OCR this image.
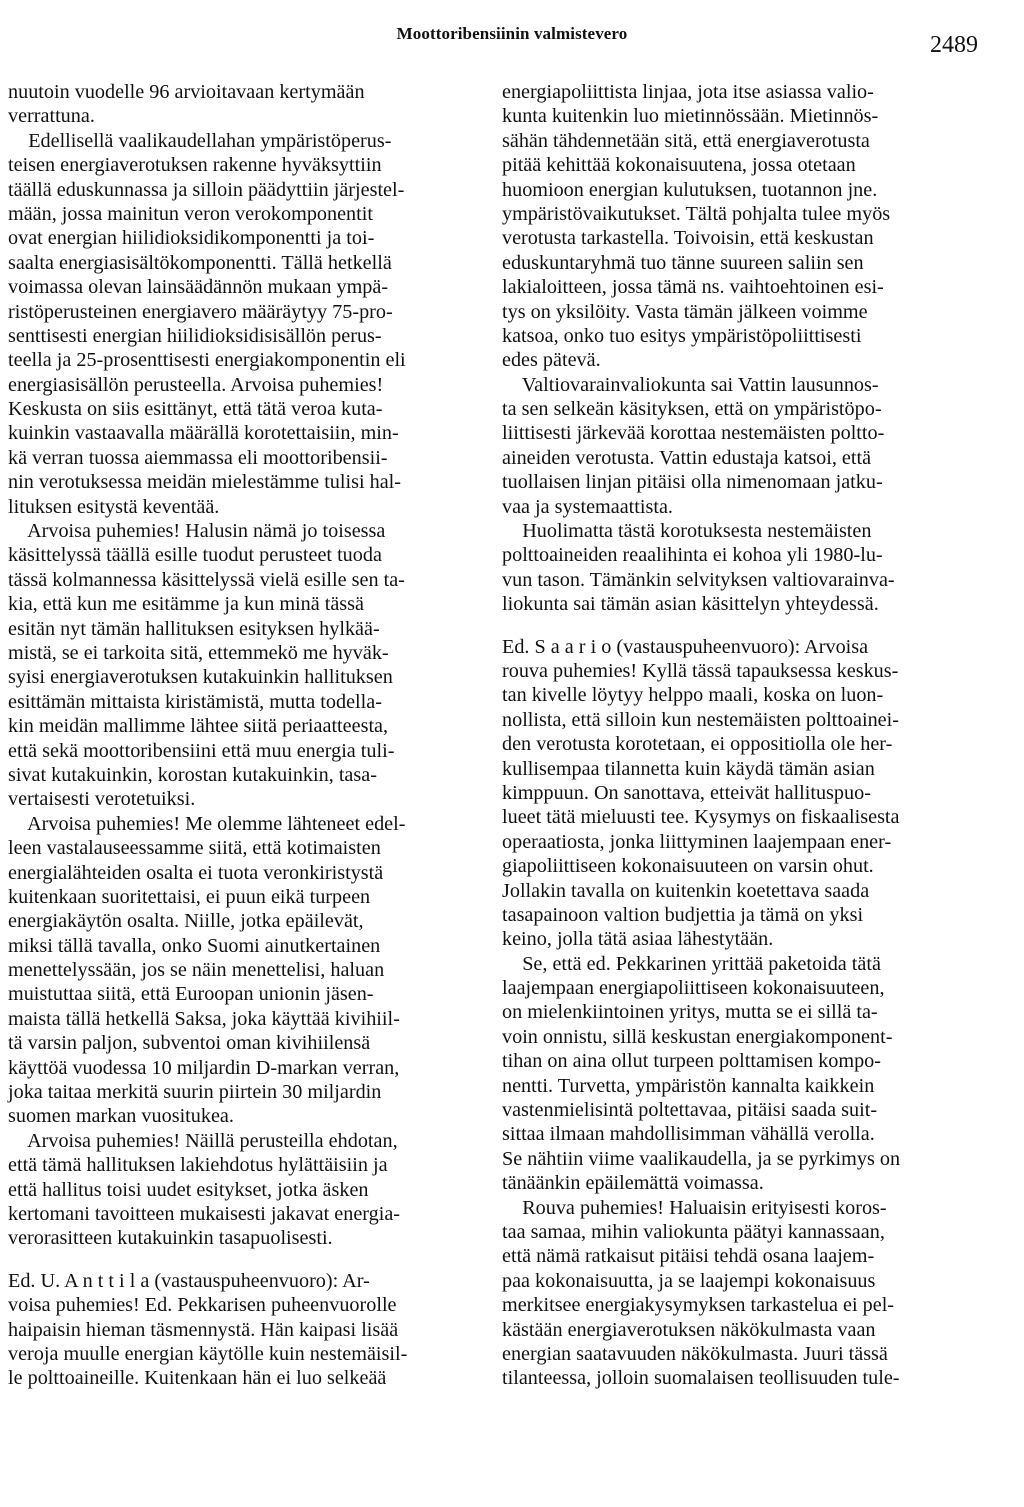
Moottoribensiinin valmistevero	2489
nuutoin vuodelle 96 arvioitavaan kertymään
verrattuna.
Edellisellä vaalikaudellahan ympäristöperus-
teisen energiaverotuksen rakenne hyväksyttiin
täällä eduskunnassa ja silloin päädyttiin järjestel-
mään, jossa mainitun veron verokomponentit
ovat energian hiilidioksidikomponentti ja toi-
saalta energiasisältökomponentti. Tällä hetkellä
voimassa olevan lainsäädännön mukaan ympä-
ristöperusteinen energiavero määräytyy 75-pro-
senttisesti energian hiilidioksidisisällön perus-
teella ja 25-prosenttisesti energiakomponentin eli
energiasisällön perusteella. Arvoisa puhemies!
Keskusta on siis esittänyt, että tätä veroa kuta-
kuinkin vastaavalla määrällä korotettaisiin, min-
kä verran tuossa aiemmassa eli moottoribensii-
nin verotuksessa meidän mielestämme tulisi hal-
lituksen esitystä keventää.
Arvoisa puhemies! Halusin nämä jo toisessa
käsittelyssä täällä esille tuodut perusteet tuoda
tässä kolmannessa käsittelyssä vielä esille sen ta-
kia, että kun me esitämme ja kun minä tässä
esitän nyt tämän hallituksen esityksen hylkää-
mistä, se ei tarkoita sitä, ettemmekö me hyväk-
syisi energiaverotuksen kutakuinkin hallituksen
esittämän mittaista kiristämistä, mutta todella-
kin meidän mallimme lähtee siitä periaatteesta,
että sekä moottoribensiini että muu energia tuli-
sivat kutakuinkin, korostan kutakuinkin, tasa-
vertaisesti verotetuiksi.
Arvoisa puhemies! Me olemme lähteneet edel-
leen vastalauseessamme siitä, että kotimaisten
energialähteiden osalta ei tuota veronkiristystä
kuitenkaan suoritettaisi, ei puun eikä turpeen
energiakäytön osalta. Niille, jotka epäilevät,
miksi tällä tavalla, onko Suomi ainutkertainen
menettelyssään, jos se näin menettelisi, haluan
muistuttaa siitä, että Euroopan unionin jäsen-
maista tällä hetkellä Saksa, joka käyttää kivihiil-
tä varsin paljon, subventoi oman kivihiilensä
käyttöä vuodessa 10 miljardin D-markan verran,
joka taitaa merkitä suurin piirtein 30 miljardin
suomen markan vuositukea.
Arvoisa puhemies! Näillä perusteilla ehdotan,
että tämä hallituksen lakiehdotus hylättäisiin ja
että hallitus toisi uudet esitykset, jotka äsken
kertomani tavoitteen mukaisesti jakavat energia-
verorasitteen kutakuinkin tasapuolisesti.
Ed. U. A n t t i l a (vastauspuheenvuoro): Ar-
voisa puhemies! Ed. Pekkarisen puheenvuorolle
haipaisin hieman täsmennystä. Hän kaipasi lisää
veroja muulle energian käytölle kuin nestemäisil-
le polttoaineille. Kuitenkaan hän ei luo selkeää
energiapoliittista linjaa, jota itse asiassa valio-
kunta kuitenkin luo mietinnössään. Mietinnös-
sähän tähdennetään sitä, että energiaverotusta
pitää kehittää kokonaisuutena, jossa otetaan
huomioon energian kulutuksen, tuotannon jne.
ympäristövaikutukset. Tältä pohjalta tulee myös
verotusta tarkastella. Toivoisin, että keskustan
eduskuntaryhmä tuo tänne suureen saliin sen
lakialoitteen, jossa tämä ns. vaihtoehtoinen esi-
tys on yksilöity. Vasta tämän jälkeen voimme
katsoa, onko tuo esitys ympäristöpoliittisesti
edes pätevä.
Valtiovarainvaliokunta sai Vattin lausunnos-
ta sen selkeän käsityksen, että on ympäristöpo-
liittisesti järkevää korottaa nestemäisten poltto-
aineiden verotusta. Vattin edustaja katsoi, että
tuollaisen linjan pitäisi olla nimenomaan jatku-
vaa ja systemaattista.
Huolimatta tästä korotuksesta nestemäisten
polttoaineiden reaalihinta ei kohoa yli 1980-lu-
vun tason. Tämänkin selvityksen valtiovarainva-
liokunta sai tämän asian käsittelyn yhteydessä.
Ed. S a a r i o (vastauspuheenvuoro): Arvoisa
rouva puhemies! Kyllä tässä tapauksessa keskus-
tan kivelle löytyy helppo maali, koska on luon-
nollista, että silloin kun nestemäisten polttoainei-
den verotusta korotetaan, ei oppositiolla ole her-
kullisempaa tilannetta kuin käydä tämän asian
kimppuun. On sanottava, etteivät hallituspuo-
lueet tätä mieluusti tee. Kysymys on fiskaalisesta
operaatiosta, jonka liittyminen laajempaan ener-
giapoliittiseen kokonaisuuteen on varsin ohut.
Jollakin tavalla on kuitenkin koetettava saada
tasapainoon valtion budjettia ja tämä on yksi
keino, jolla tätä asiaa lähestytään.
Se, että ed. Pekkarinen yrittää paketoida tätä
laajempaan energiapoliittiseen kokonaisuuteen,
on mielenkiintoinen yritys, mutta se ei sillä ta-
voin onnistu, sillä keskustan energiakomponent-
tihan on aina ollut turpeen polttamisen kompo-
nentti. Turvetta, ympäristön kannalta kaikkein
vastenmielisintä poltettavaa, pitäisi saada suit-
sittaa ilmaan mahdollisimman vähällä verolla.
Se nähtiin viime vaalikaudella, ja se pyrkimys on
tänäänkin epäilemättä voimassa.
Rouva puhemies! Haluaisin erityisesti koros-
taa samaa, mihin valiokunta päätyi kannassaan,
että nämä ratkaisut pitäisi tehdä osana laajem-
paa kokonaisuutta, ja se laajempi kokonaisuus
merkitsee energiakysymyksen tarkastelua ei pel-
kästään energiaverotuksen näkökulmasta vaan
energian saatavuuden näkökulmasta. Juuri tässä
tilanteessa, jolloin suomalaisen teollisuuden tule-
